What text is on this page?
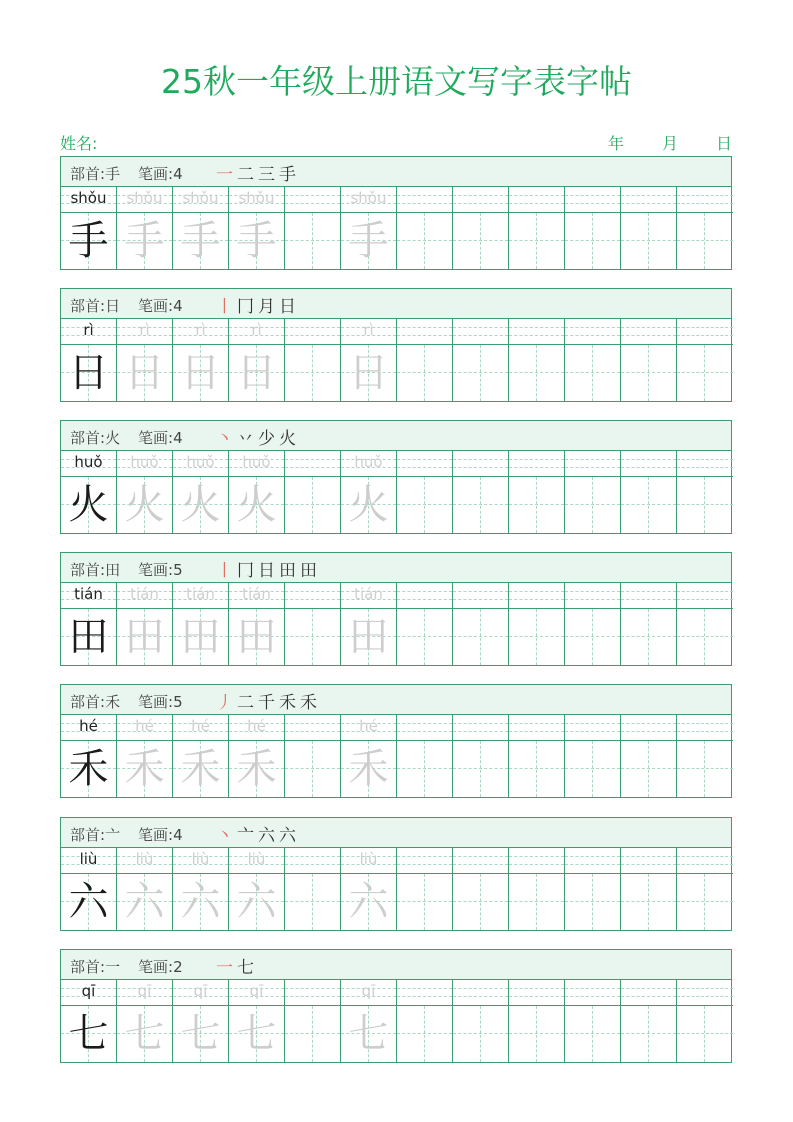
25秋一年级上册语文写字表字帖
姓名:	年 月 日
部首:手 笔画:4 一二三手
shǒu
手
shǒu
手
shǒu
手
shǒu
手
shǒu
手
部首:日 笔画:4 丨冂月日
rì
日
rì
日
rì
日
rì
日
rì
日
部首:火 笔画:4 丶丷少火
huǒ
火
huǒ
火
huǒ
火
huǒ
火
huǒ
火
部首:田 笔画:5 丨冂日田田
tián
田
tián
田
tián
田
tián
田
tián
田
部首:禾 笔画:5 丿二千禾禾
hé
禾
hé
禾
hé
禾
hé
禾
hé
禾
部首:亠 笔画:4 丶亠六六
liù
六
liù
六
liù
六
liù
六
liù
六
部首:一 笔画:2 一七
qī
七
qī
七
qī
七
qī
七
qī
七
